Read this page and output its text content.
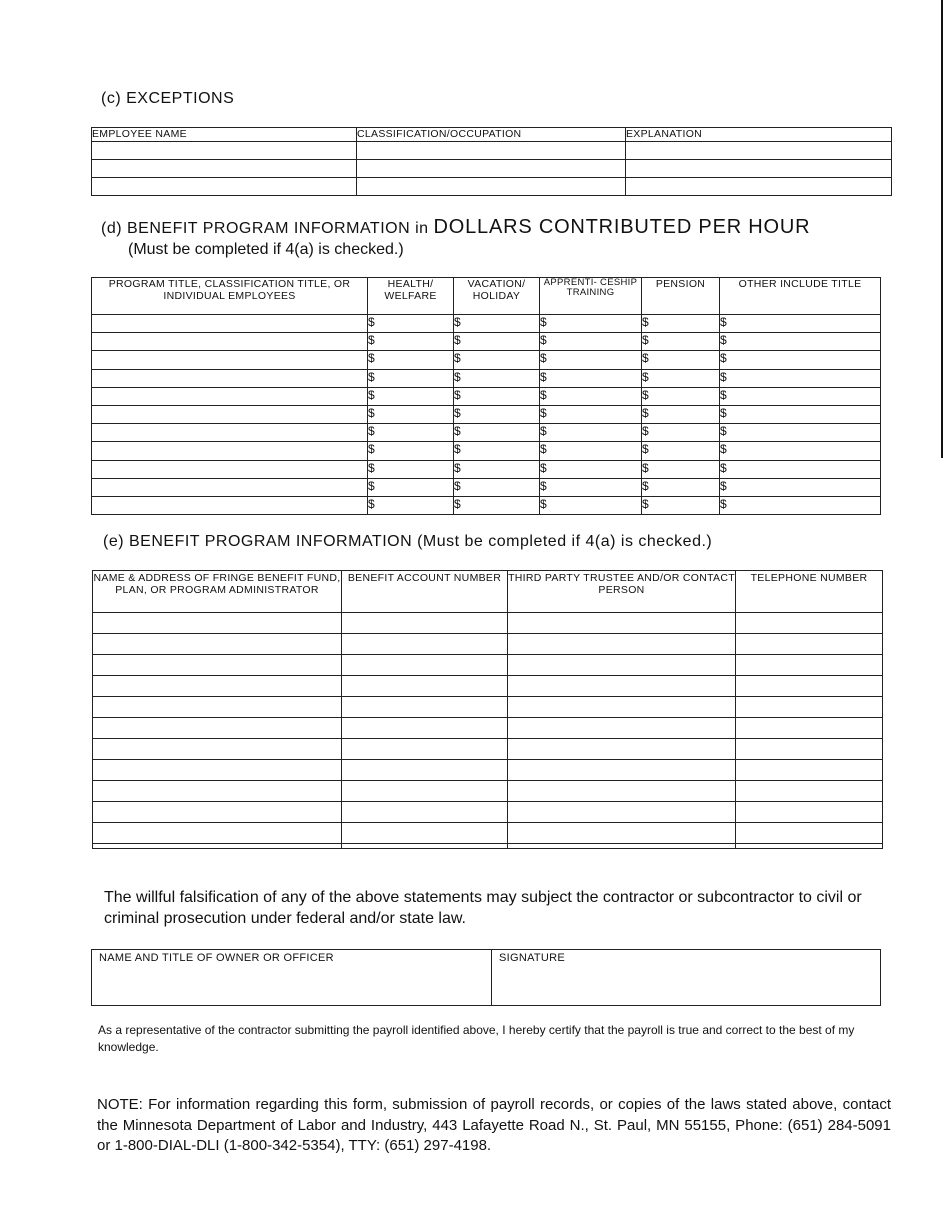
(c) EXCEPTIONS
EMPLOYEE NAME	CLASSIFICATION/OCCUPATION	EXPLANATION

(d) BENEFIT PROGRAM INFORMATION in DOLLARS CONTRIBUTED PER HOUR
(Must be completed if 4(a) is checked.)
PROGRAM TITLE, CLASSIFICATION TITLE, OR INDIVIDUAL EMPLOYEES	HEALTH/ WELFARE	VACATION/ HOLIDAY	APPRENTI- CESHIP TRAINING	PENSION	OTHER INCLUDE TITLE
	$	$	$	$	$
	$	$	$	$	$
	$	$	$	$	$
	$	$	$	$	$
	$	$	$	$	$
	$	$	$	$	$
	$	$	$	$	$
	$	$	$	$	$
	$	$	$	$	$
	$	$	$	$	$
	$	$	$	$	$
(e) BENEFIT PROGRAM INFORMATION (Must be completed if 4(a) is checked.)
NAME & ADDRESS OF FRINGE BENEFIT FUND, PLAN, OR PROGRAM ADMINISTRATOR	BENEFIT ACCOUNT NUMBER	THIRD PARTY TRUSTEE AND/OR CONTACT PERSON	TELEPHONE NUMBER

The willful falsification of any of the above statements may subject the contractor or subcontractor to civil or criminal prosecution under federal and/or state law.
NAME AND TITLE OF OWNER OR OFFICER	SIGNATURE
As a representative of the contractor submitting the payroll identified above, I hereby certify that the payroll is true and correct to the best of my knowledge.
NOTE: For information regarding this form, submission of payroll records, or copies of the laws stated above, contact the Minnesota Department of Labor and Industry, 443 Lafayette Road N., St. Paul, MN 55155, Phone: (651) 284-5091 or 1-800-DIAL-DLI (1-800-342-5354), TTY: (651) 297-4198.
